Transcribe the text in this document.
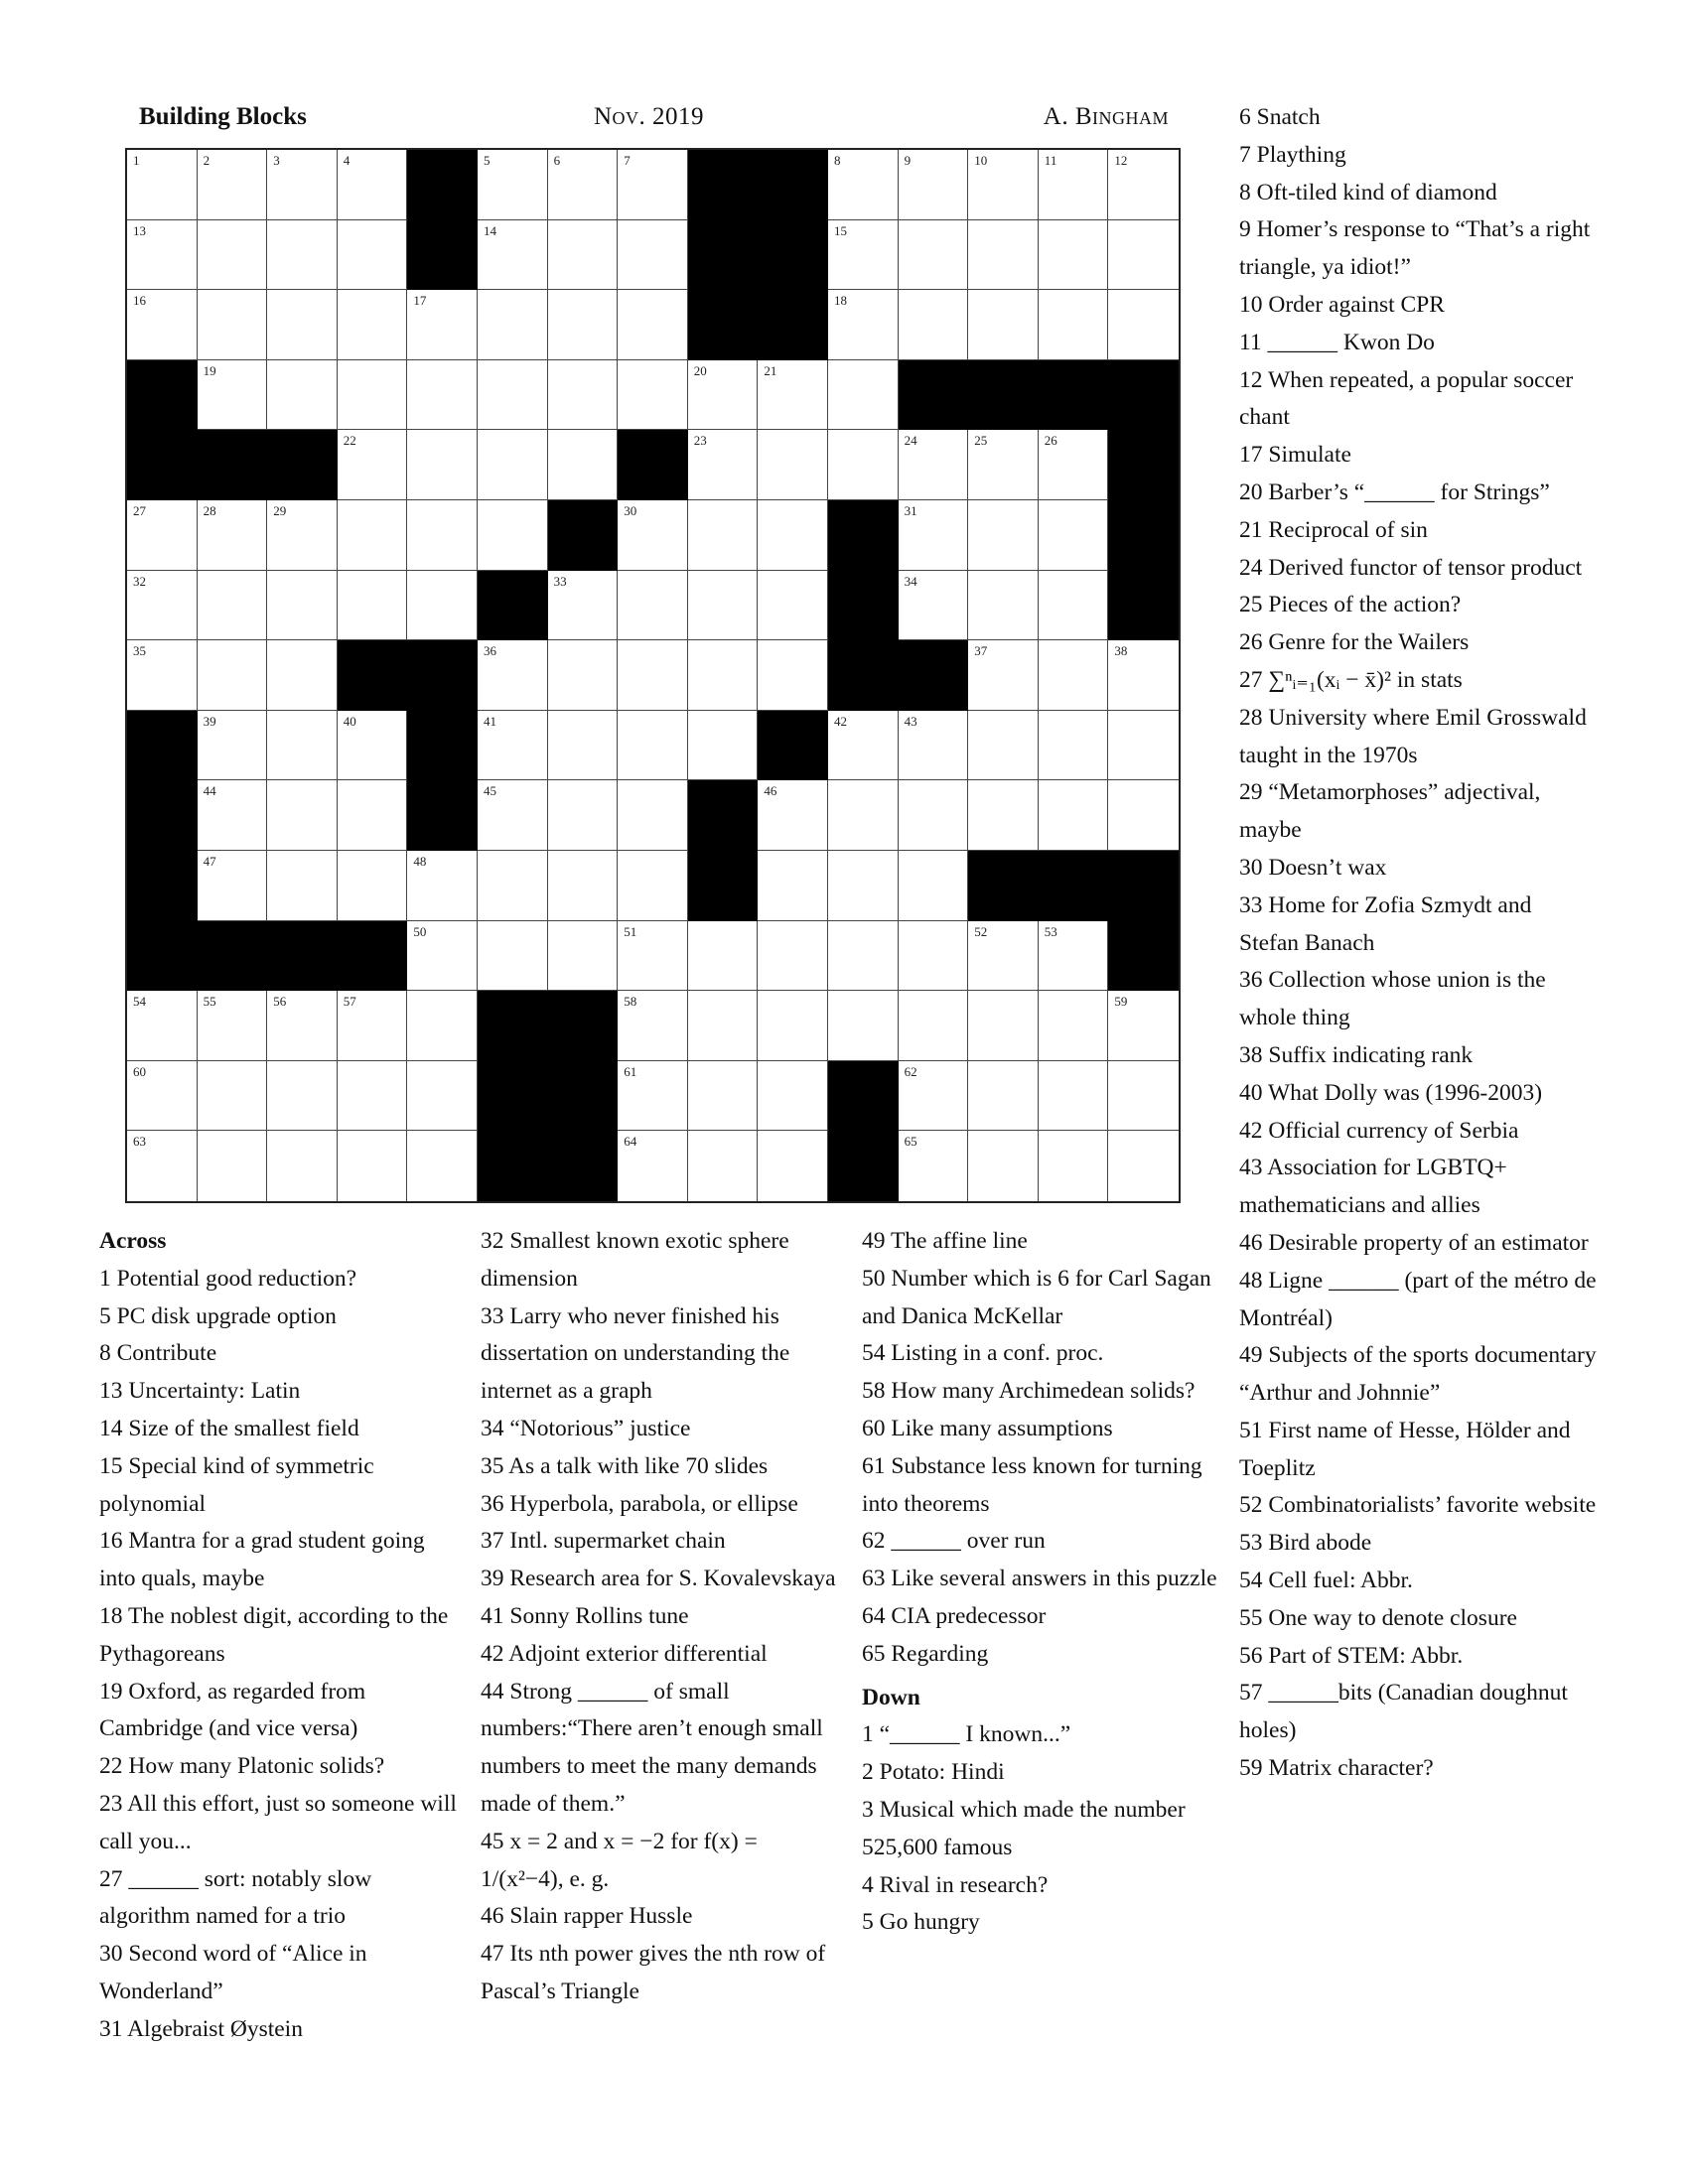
Building Blocks	Nov. 2019	A. Bingham
1	2	3	4	5	6	7	8	9	10	11	12
13	14	15
16	17	18
19	20	21
22	23	24	25	26
27	28	29	30	31
32	33	34
35	36	37	38
39	40	41	42	43
44	45	46
47	48
50	51	52	53
54	55	56	57	58	59
60	61	62
63	64	65
Across
1 Potential good reduction?
5 PC disk upgrade option
8 Contribute
13 Uncertainty: Latin
14 Size of the smallest field
15 Special kind of symmetric polynomial
16 Mantra for a grad student going into quals, maybe
18 The noblest digit, according to the Pythagoreans
19 Oxford, as regarded from Cambridge (and vice versa)
22 How many Platonic solids?
23 All this effort, just so someone will call you...
27 ______ sort: notably slow algorithm named for a trio
30 Second word of “Alice in Wonderland”
31 Algebraist Øystein
32 Smallest known exotic sphere dimension
33 Larry who never finished his dissertation on understanding the internet as a graph
34 “Notorious” justice
35 As a talk with like 70 slides
36 Hyperbola, parabola, or ellipse
37 Intl. supermarket chain
39 Research area for S. Kovalevskaya
41 Sonny Rollins tune
42 Adjoint exterior differential
44 Strong ______ of small numbers:“There aren’t enough small numbers to meet the many demands made of them.”
45 x = 2 and x = −2 for f(x) = 1/(x²−4), e. g.
46 Slain rapper Hussle
47 Its nth power gives the nth row of Pascal’s Triangle
49 The affine line
50 Number which is 6 for Carl Sagan and Danica McKellar
54 Listing in a conf. proc.
58 How many Archimedean solids?
60 Like many assumptions
61 Substance less known for turning into theorems
62 ______ over run
63 Like several answers in this puzzle
64 CIA predecessor
65 Regarding
Down
1 “______ I known...”
2 Potato: Hindi
3 Musical which made the number 525,600 famous
4 Rival in research?
5 Go hungry
6 Snatch
7 Plaything
8 Oft-tiled kind of diamond
9 Homer’s response to “That’s a right triangle, ya idiot!”
10 Order against CPR
11 ______ Kwon Do
12 When repeated, a popular soccer chant
17 Simulate
20 Barber’s “______ for Strings”
21 Reciprocal of sin
24 Derived functor of tensor product
25 Pieces of the action?
26 Genre for the Wailers
27 ∑ⁿᵢ₌₁(xᵢ − x̄)² in stats
28 University where Emil Grosswald taught in the 1970s
29 “Metamorphoses” adjectival, maybe
30 Doesn’t wax
33 Home for Zofia Szmydt and Stefan Banach
36 Collection whose union is the whole thing
38 Suffix indicating rank
40 What Dolly was (1996-2003)
42 Official currency of Serbia
43 Association for LGBTQ+ mathematicians and allies
46 Desirable property of an estimator
48 Ligne ______ (part of the métro de Montréal)
49 Subjects of the sports documentary “Arthur and Johnnie”
51 First name of Hesse, Hölder and Toeplitz
52 Combinatorialists’ favorite website
53 Bird abode
54 Cell fuel: Abbr.
55 One way to denote closure
56 Part of STEM: Abbr.
57 ______bits (Canadian doughnut holes)
59 Matrix character?
